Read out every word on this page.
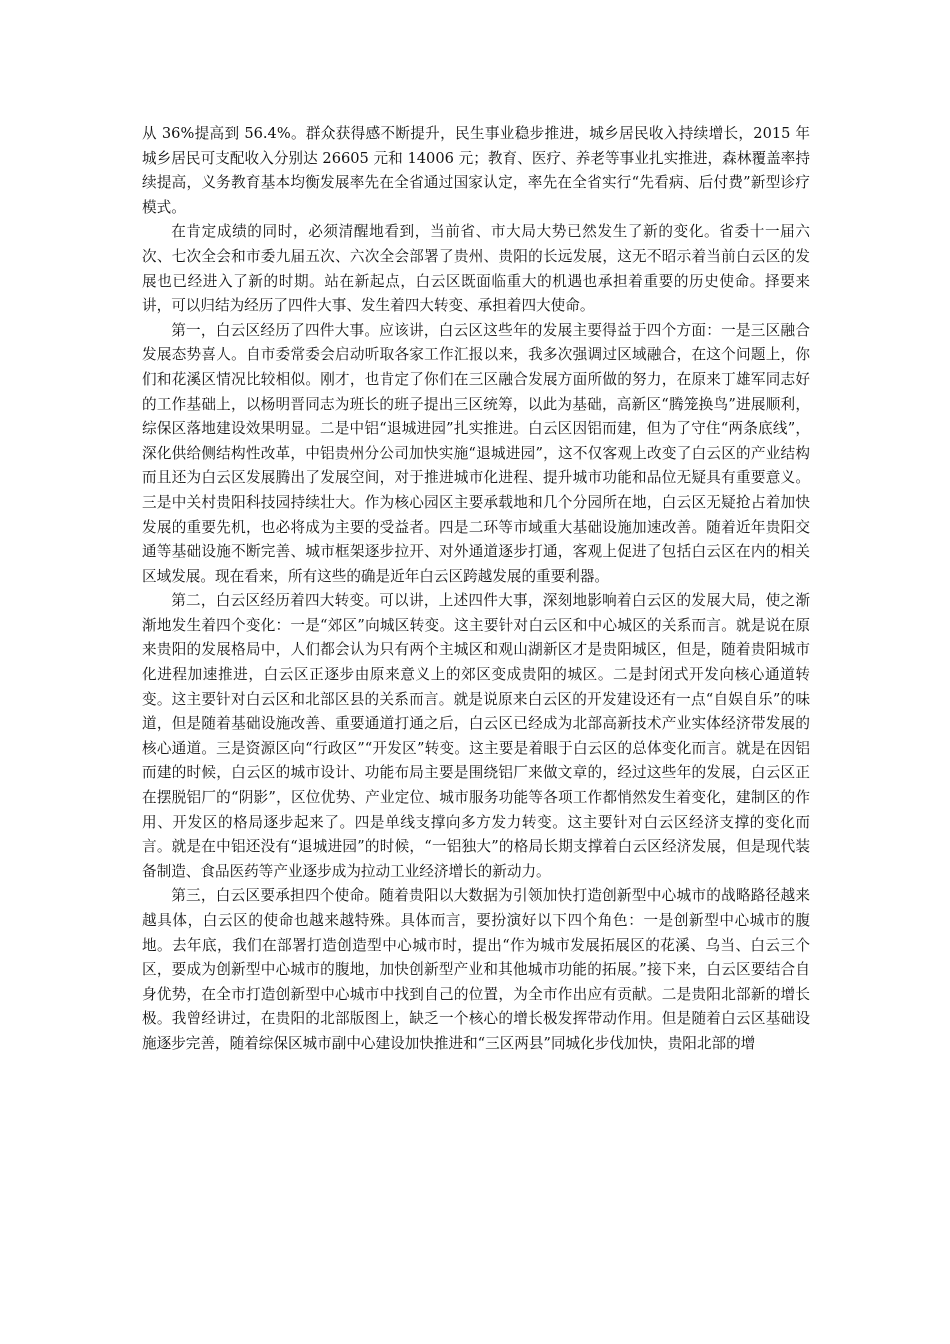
从 36%提高到 56.4%。群众获得感不断提升，民生事业稳步推进，城乡居民收入持续增长，2015 年城乡居民可支配收入分别达 26605 元和 14006 元；教育、医疗、养老等事业扎实推进，森林覆盖率持续提高，义务教育基本均衡发展率先在全省通过国家认定，率先在全省实行“先看病、后付费”新型诊疗模式。

在肯定成绩的同时，必须清醒地看到，当前省、市大局大势已然发生了新的变化。省委十一届六次、七次全会和市委九届五次、六次全会部署了贵州、贵阳的长远发展，这无不昭示着当前白云区的发展也已经进入了新的时期。站在新起点，白云区既面临重大的机遇也承担着重要的历史使命。择要来讲，可以归结为经历了四件大事、发生着四大转变、承担着四大使命。

第一，白云区经历了四件大事。应该讲，白云区这些年的发展主要得益于四个方面：一是三区融合发展态势喜人。自市委常委会启动听取各家工作汇报以来，我多次强调过区域融合，在这个问题上，你们和花溪区情况比较相似。刚才，也肯定了你们在三区融合发展方面所做的努力，在原来丁雄军同志好的工作基础上，以杨明晋同志为班长的班子提出三区统筹，以此为基础，高新区“腾笼换鸟”进展顺利，综保区落地建设效果明显。二是中铝“退城进园”扎实推进。白云区因铝而建，但为了守住“两条底线”，深化供给侧结构性改革，中铝贵州分公司加快实施“退城进园”，这不仅客观上改变了白云区的产业结构而且还为白云区发展腾出了发展空间，对于推进城市化进程、提升城市功能和品位无疑具有重要意义。三是中关村贵阳科技园持续壮大。作为核心园区主要承载地和几个分园所在地，白云区无疑抢占着加快发展的重要先机，也必将成为主要的受益者。四是二环等市域重大基础设施加速改善。随着近年贵阳交通等基础设施不断完善、城市框架逐步拉开、对外通道逐步打通，客观上促进了包括白云区在内的相关区域发展。现在看来，所有这些的确是近年白云区跨越发展的重要利器。

第二，白云区经历着四大转变。可以讲，上述四件大事，深刻地影响着白云区的发展大局，使之渐渐地发生着四个变化：一是“郊区”向城区转变。这主要针对白云区和中心城区的关系而言。就是说在原来贵阳的发展格局中，人们都会认为只有两个主城区和观山湖新区才是贵阳城区，但是，随着贵阳城市化进程加速推进，白云区正逐步由原来意义上的郊区变成贵阳的城区。二是封闭式开发向核心通道转变。这主要针对白云区和北部区县的关系而言。就是说原来白云区的开发建设还有一点“自娱自乐”的味道，但是随着基础设施改善、重要通道打通之后，白云区已经成为北部高新技术产业实体经济带发展的核心通道。三是资源区向“行政区”“开发区”转变。这主要是着眼于白云区的总体变化而言。就是在因铝而建的时候，白云区的城市设计、功能布局主要是围绕铝厂来做文章的，经过这些年的发展，白云区正在摆脱铝厂的“阴影”，区位优势、产业定位、城市服务功能等各项工作都悄然发生着变化，建制区的作用、开发区的格局逐步起来了。四是单线支撑向多方发力转变。这主要针对白云区经济支撑的变化而言。就是在中铝还没有“退城进园”的时候，“一铝独大”的格局长期支撑着白云区经济发展，但是现代装备制造、食品医药等产业逐步成为拉动工业经济增长的新动力。

第三，白云区要承担四个使命。随着贵阳以大数据为引领加快打造创新型中心城市的战略路径越来越具体，白云区的使命也越来越特殊。具体而言，要扮演好以下四个角色：一是创新型中心城市的腹地。去年底，我们在部署打造创造型中心城市时，提出“作为城市发展拓展区的花溪、乌当、白云三个区，要成为创新型中心城市的腹地，加快创新型产业和其他城市功能的拓展。”接下来，白云区要结合自身优势，在全市打造创新型中心城市中找到自己的位置，为全市作出应有贡献。二是贵阳北部新的增长极。我曾经讲过，在贵阳的北部版图上，缺乏一个核心的增长极发挥带动作用。但是随着白云区基础设施逐步完善，随着综保区城市副中心建设加快推进和“三区两县”同城化步伐加快，贵阳北部的增
